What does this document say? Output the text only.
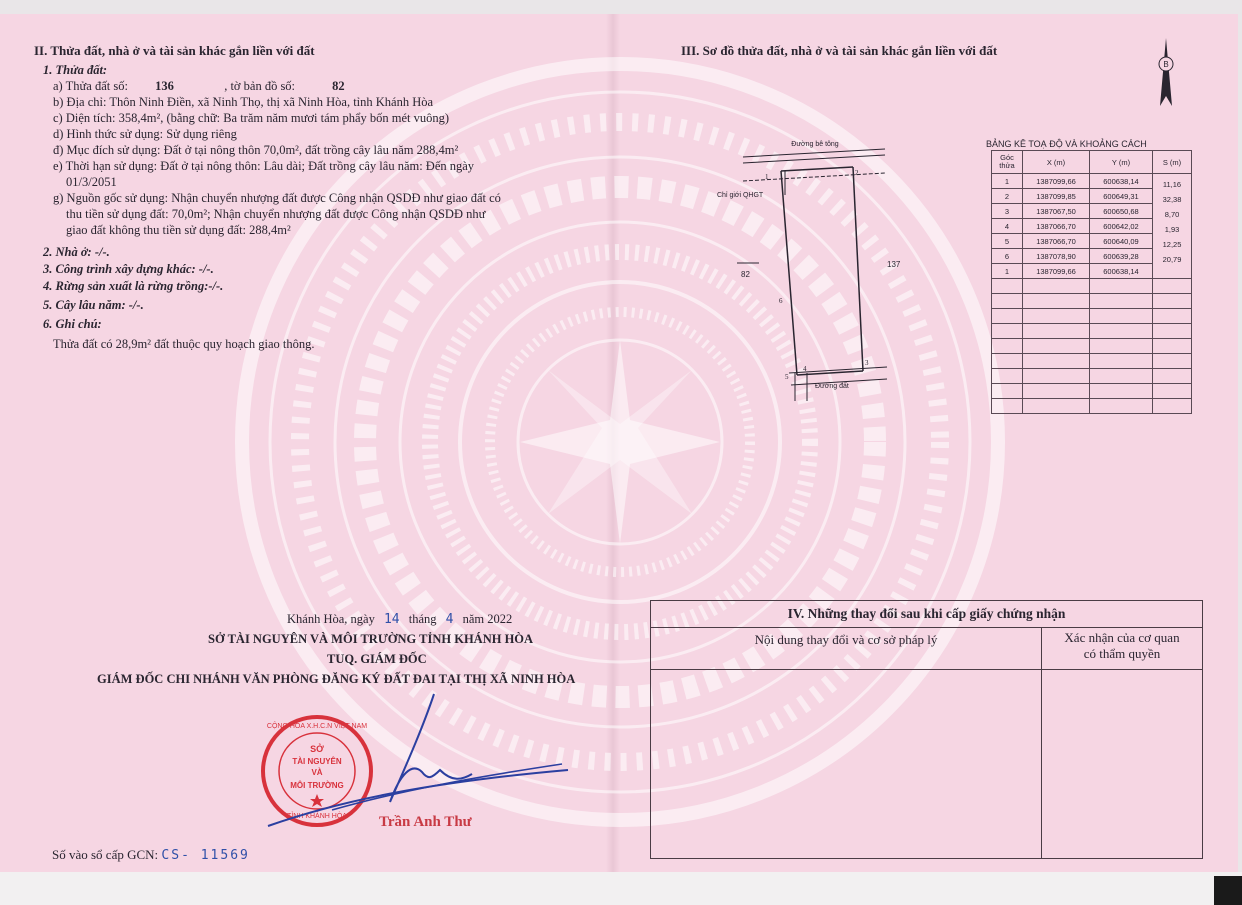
II. Thửa đất, nhà ở và tài sản khác gắn liền với đất
1. Thửa đất:
a) Thửa đất số: 136	, tờ bản đồ số:	82
b) Địa chỉ: Thôn Ninh Điền, xã Ninh Thọ, thị xã Ninh Hòa, tỉnh Khánh Hòa
c) Diện tích: 358,4m², (bằng chữ: Ba trăm năm mươi tám phẩy bốn mét vuông)
d) Hình thức sử dụng: Sử dụng riêng
đ) Mục đích sử dụng: Đất ở tại nông thôn 70,0m², đất trồng cây lâu năm 288,4m²
e) Thời hạn sử dụng: Đất ở tại nông thôn: Lâu dài; Đất trồng cây lâu năm: Đến ngày
01/3/2051
g) Nguồn gốc sử dụng: Nhận chuyển nhượng đất được Công nhận QSDĐ như giao đất có
thu tiền sử dụng đất: 70,0m²; Nhận chuyển nhượng đất được Công nhận QSDĐ như
giao đất không thu tiền sử dụng đất: 288,4m²
2. Nhà ở: -/-.
3. Công trình xây dựng khác: -/-.
4. Rừng sản xuất là rừng trồng:-/-.
5. Cây lâu năm: -/-.
6. Ghi chú:
Thửa đất có 28,9m² đất thuộc quy hoạch giao thông.
Khánh Hòa, ngày 14 tháng 4 năm 2022
SỞ TÀI NGUYÊN VÀ MÔI TRƯỜNG TỈNH KHÁNH HÒA
TUQ. GIÁM ĐỐC
GIÁM ĐỐC CHI NHÁNH VĂN PHÒNG ĐĂNG KÝ ĐẤT ĐAI TẠI THỊ XÃ NINH HÒA
CỘNG HÒA X.H.C.N VIỆT NAM
TỈNH KHÁNH HÒA
SỞ
TÀI NGUYÊN
VÀ
MÔI TRƯỜNG
Trần Anh Thư
Số vào sổ cấp GCN: CS- 11569
III. Sơ đồ thửa đất, nhà ở và tài sản khác gắn liền với đất
B
Đường bê tông
Chỉ giới QHGT
82
137
Đường đất
1	2
3
4
5
6
BẢNG KÊ TOẠ ĐỘ VÀ KHOẢNG CÁCH
Góc thửa	X (m)	Y (m)	S (m)
1	1387099,66	600638,14	11,16
2	1387099,85	600649,31	32,38
3	1387067,50	600650,68	8,70
4	1387066,70	600642,02	1,93
5	1387066,70	600640,09	12,25
6	1387078,90	600639,28	20,79
1	1387099,66	600638,14	

IV. Những thay đổi sau khi cấp giấy chứng nhận	
Nội dung thay đổi và cơ sở pháp lý	Xác nhận của cơ quan
có thẩm quyền
